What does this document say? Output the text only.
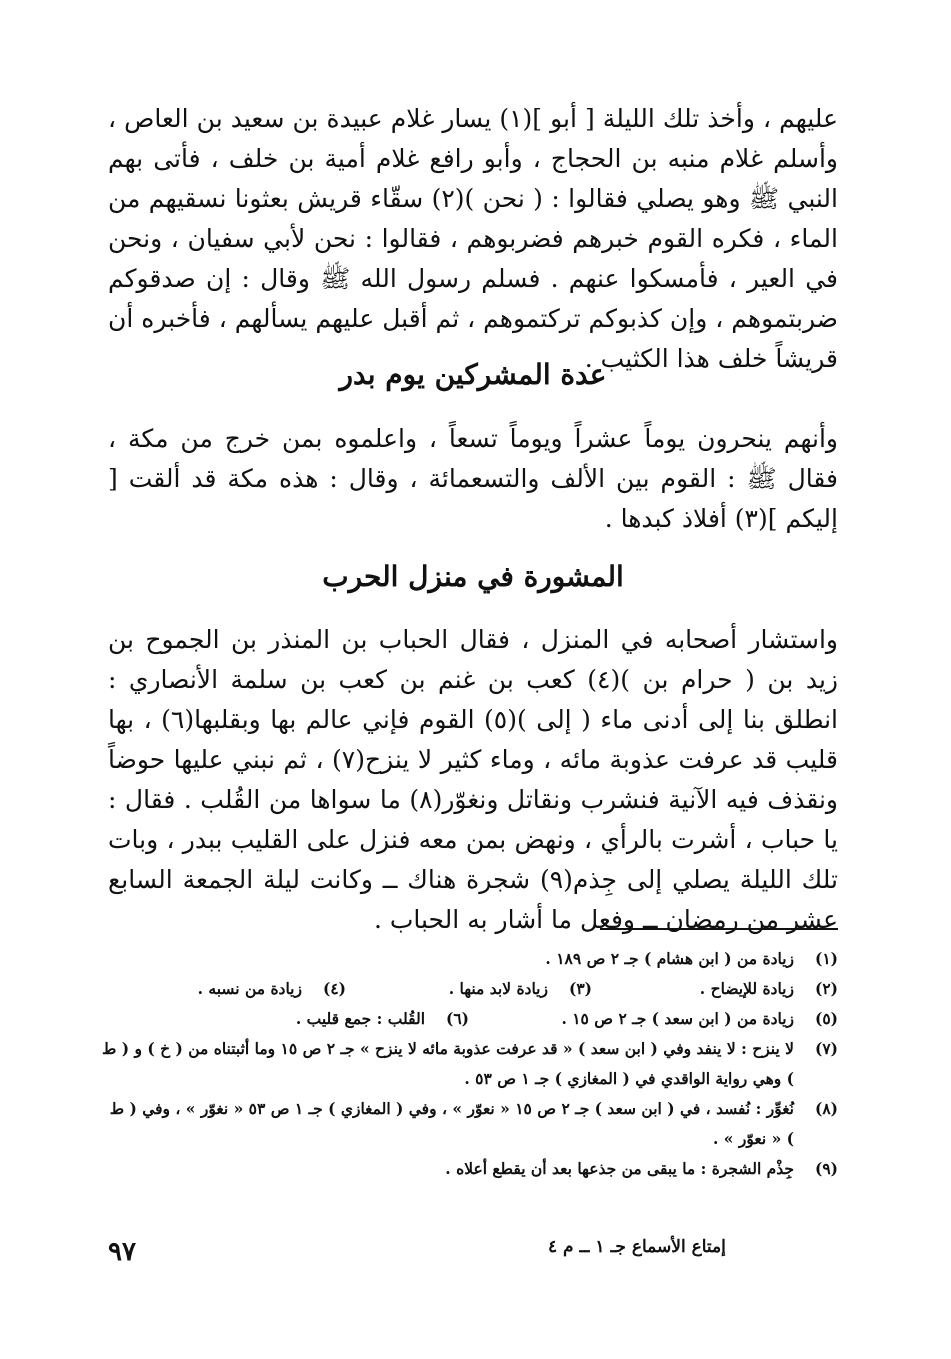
عليهم ، وأخذ تلك الليلة [ أبو ](١) يسار غلام عبيدة بن سعيد بن العاص ، وأسلم غلام منبه بن الحجاج ، وأبو رافع غلام أمية بن خلف ، فأتى بهم النبي ﷺ وهو يصلي فقالوا : ( نحن )(٢) سقّاء قريش بعثونا نسقيهم من الماء ، فكره القوم خبرهم فضربوهم ، فقالوا : نحن لأبي سفيان ، ونحن في العير ، فأمسكوا عنهم . فسلم رسول الله ﷺ وقال : إن صدقوكم ضربتموهم ، وإن كذبوكم تركتموهم ، ثم أقبل عليهم يسألهم ، فأخبره أن قريشاً خلف هذا الكثيب .

عدة المشركين يوم بدر

وأنهم ينحرون يوماً عشراً ويوماً تسعاً ، واعلموه بمن خرج من مكة ، فقال ﷺ : القوم بين الألف والتسعمائة ، وقال : هذه مكة قد ألقت [ إليكم ](٣) أفلاذ كبدها .

المشورة في منزل الحرب

واستشار أصحابه في المنزل ، فقال الحباب بن المنذر بن الجموح بن زيد بن ( حرام بن )(٤) كعب بن غنم بن كعب بن سلمة الأنصاري : انطلق بنا إلى أدنى ماء ( إلى )(٥) القوم فإني عالم بها وبقلبها(٦) ، بها قليب قد عرفت عذوبة مائه ، وماء كثير لا ينزح(٧) ، ثم نبني عليها حوضاً ونقذف فيه الآنية فنشرب ونقاتل ونغوّر(٨) ما سواها من القُلب . فقال : يا حباب ، أشرت بالرأي ، ونهض بمن معه فنزل على القليب ببدر ، وبات تلك الليلة يصلي إلى جِذم(٩) شجرة هناك ــ وكانت ليلة الجمعة السابع عشر من رمضان ــ وفعل ما أشار به الحباب .

(١)
زيادة من ( ابن هشام ) جـ ٢ ص ١٨٩ .
(٢)
زيادة للإيضاح .
(٣)
زيادة لابد منها .
(٤)
زيادة من نسبه .
(٥)
زيادة من ( ابن سعد ) جـ ٢ ص ١٥ .
(٦)
القُلب : جمع قليب .
(٧)
لا ينزح : لا ينفد وفي ( ابن سعد ) « قد عرفت عذوبة مائه لا ينزح » جـ ٢ ص ١٥ وما أثبتناه من ( خ ) و ( ط ) وهي رواية الواقدي في ( المغازي ) جـ ١ ص ٥٣ .
(٨)
نُغوِّر : نُفسد ، في ( ابن سعد ) جـ ٢ ص ١٥ « نعوّر » ، وفي ( المغازي ) جـ ١ ص ٥٣ « نغوّر » ، وفي ( ط ) « نعوّر » .
(٩)
جِذْم الشجرة : ما يبقى من جذعها بعد أن يقطع أعلاه .
٩٧	إمتاع الأسماع جـ ١ ــ م ٤
